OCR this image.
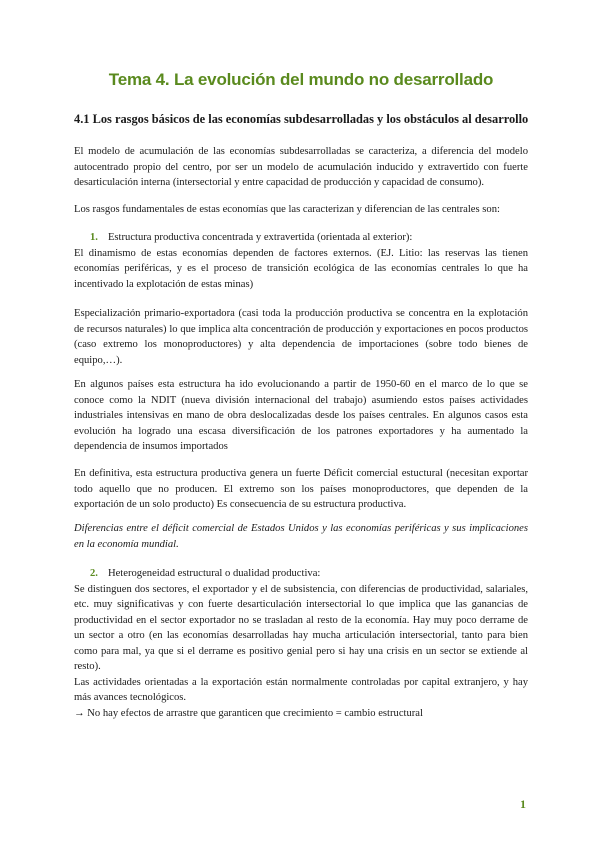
Tema 4. La evolución del mundo no desarrollado
4.1 Los rasgos básicos de las economías subdesarrolladas y los obstáculos al desarrollo

El modelo de acumulación de las economías subdesarrolladas se caracteriza, a diferencia del modelo autocentrado propio del centro, por ser un modelo de acumulación inducido y extravertido con fuerte desarticulación interna (intersectorial y entre capacidad de producción y capacidad de consumo).

Los rasgos fundamentales de estas economías que las caracterizan y diferencian de las centrales son:

1. Estructura productiva concentrada y extravertida (orientada al exterior):

El dinamismo de estas economías dependen de factores externos. (EJ. Litio: las reservas las tienen economías periféricas, y es el proceso de transición ecológica de las economías centrales lo que ha incentivado la explotación de estas minas)

Especialización primario-exportadora (casi toda la producción productiva se concentra en la explotación de recursos naturales) lo que implica alta concentración de producción y exportaciones en pocos productos (caso extremo los monoproductores) y alta dependencia de importaciones (sobre todo bienes de equipo,…).

En algunos países esta estructura ha ido evolucionando a partir de 1950-60 en el marco de lo que se conoce como la NDIT (nueva división internacional del trabajo) asumiendo estos países actividades industriales intensivas en mano de obra deslocalizadas desde los países centrales. En algunos casos esta evolución ha logrado una escasa diversificación de los patrones exportadores y ha aumentado la dependencia de insumos importados

En definitiva, esta estructura productiva genera un fuerte Déficit comercial estuctural (necesitan exportar todo aquello que no producen. El extremo son los países monoproductores, que dependen de la exportación de un solo producto) Es consecuencia de su estructura productiva.

Diferencias entre el déficit comercial de Estados Unidos y las economías periféricas y sus implicaciones en la economía mundial.

2. Heterogeneidad estructural o dualidad productiva:

Se distinguen dos sectores, el exportador y el de subsistencia, con diferencias de productividad, salariales, etc. muy significativas y con fuerte desarticulación intersectorial lo que implica que las ganancias de productividad en el sector exportador no se trasladan al resto de la economía. Hay muy poco derrame de un sector a otro (en las economías desarrolladas hay mucha articulación intersectorial, tanto para bien como para mal, ya que si el derrame es positivo genial pero si hay una crisis en un sector se extiende al resto).

Las actividades orientadas a la exportación están normalmente controladas por capital extranjero, y hay más avances tecnológicos.

→ No hay efectos de arrastre que garanticen que crecimiento = cambio estructural

1
